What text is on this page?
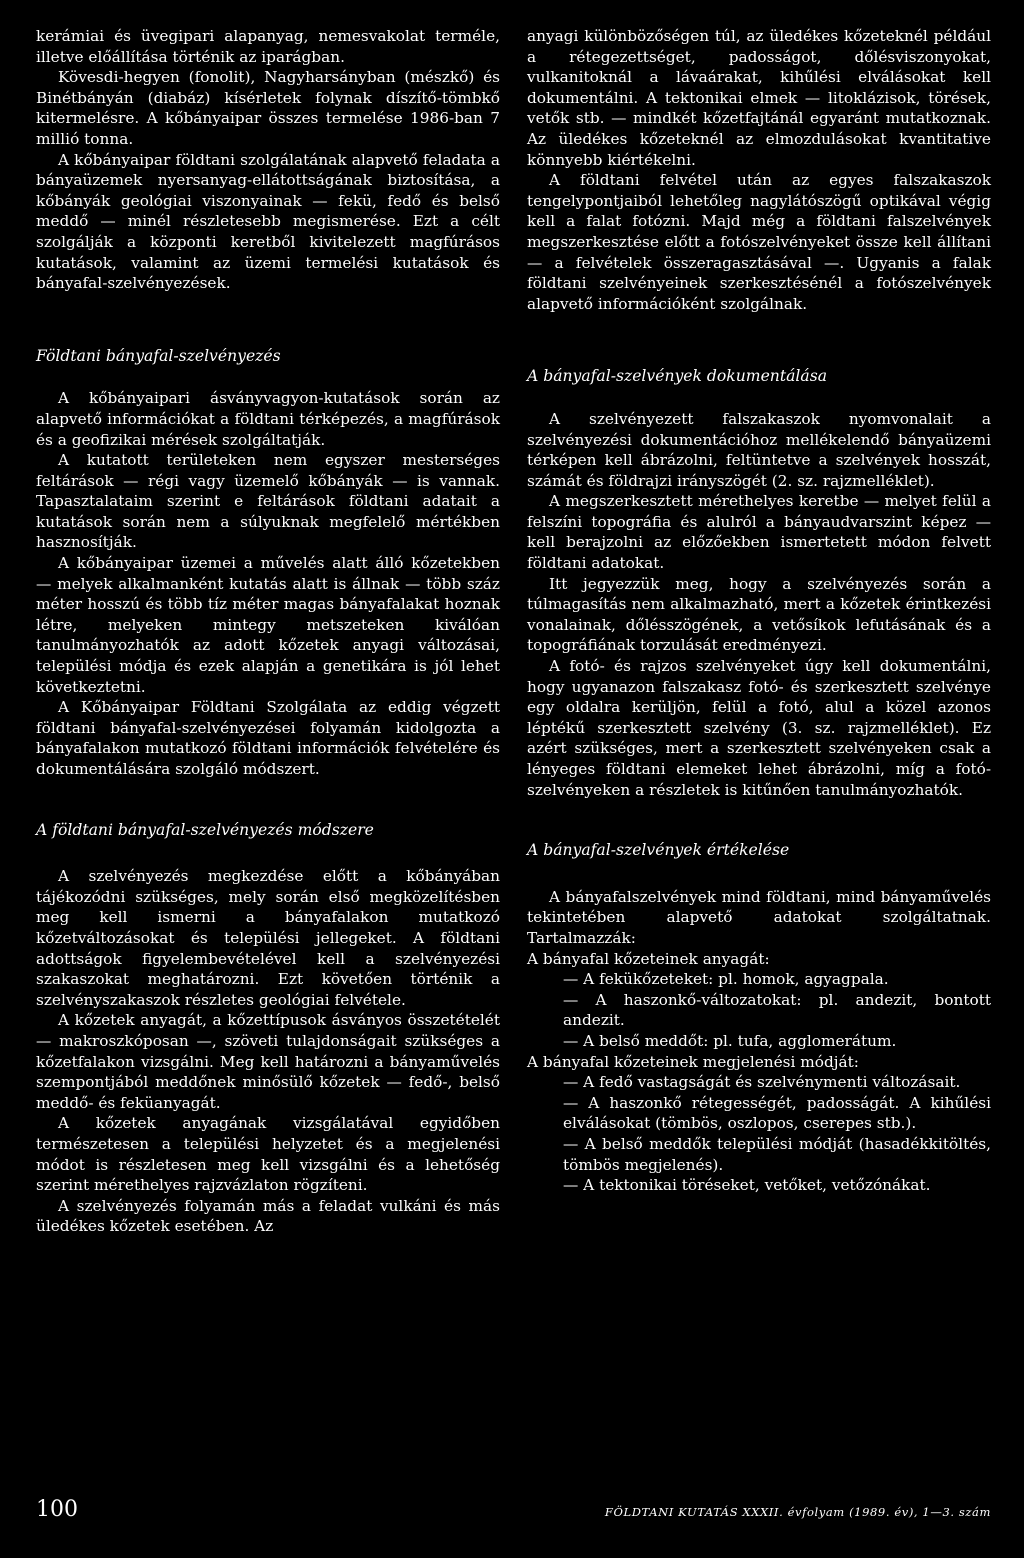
kerámiai és üvegipari alapanyag, nemesvakolat terméle, illetve előállítása történik az iparágban.

Kövesdi-hegyen (fonolit), Nagyharsányban (mészkő) és Binétbányán (diabáz) kísérletek folynak díszítő-tömbkő kitermelésre. A kőbányaipar összes termelése 1986-ban 7 millió tonna.

A kőbányaipar földtani szolgálatának alapvető feladata a bányaüzemek nyersanyag-ellátottságának biztosítása, a kőbányák geológiai viszonyainak — fekü, fedő és belső meddő — minél részletesebb megismerése. Ezt a célt szolgálják a központi keretből kivitelezett magfúrásos kutatások, valamint az üzemi termelési kutatások és bányafal-szelvényezések.

Földtani bányafal-szelvényezés

A kőbányaipari ásványvagyon-kutatások során az alapvető információkat a földtani térképezés, a magfúrások és a geofizikai mérések szolgáltatják.

A kutatott területeken nem egyszer mesterséges feltárások — régi vagy üzemelő kőbányák — is vannak. Tapasztalataim szerint e feltárások földtani adatait a kutatások során nem a súlyuknak megfelelő mértékben hasznosítják.

A kőbányaipar üzemei a művelés alatt álló kőzetekben — melyek alkalmanként kutatás alatt is állnak — több száz méter hosszú és több tíz méter magas bányafalakat hoznak létre, melyeken mintegy metszeteken kiválóan tanulmányozhatók az adott kőzetek anyagi változásai, települési módja és ezek alapján a genetikára is jól lehet következtetni.

A Kőbányaipar Földtani Szolgálata az eddig végzett földtani bányafal-szelvényezései folyamán kidolgozta a bányafalakon mutatkozó földtani információk felvételére és dokumentálására szolgáló módszert.

A földtani bányafal-szelvényezés módszere

A szelvényezés megkezdése előtt a kőbányában tájékozódni szükséges, mely során első megközelítésben meg kell ismerni a bányafalakon mutatkozó kőzetváltozásokat és települési jellegeket. A földtani adottságok figyelembevételével kell a szelvényezési szakaszokat meghatározni. Ezt követően történik a szelvényszakaszok részletes geológiai felvétele.

A kőzetek anyagát, a kőzettípusok ásványos összetételét — makroszkóposan —, szöveti tulajdonságait szükséges a kőzetfalakon vizsgálni. Meg kell határozni a bányaművelés szempontjából meddőnek minősülő kőzetek — fedő-, belső meddő- és feküanyagát.

A kőzetek anyagának vizsgálatával egyidőben természetesen a települési helyzetet és a megjelenési módot is részletesen meg kell vizsgálni és a lehetőség szerint mérethelyes rajzvázlaton rögzíteni.

A szelvényezés folyamán más a feladat vulkáni és más üledékes kőzetek esetében. Az

anyagi különbözőségen túl, az üledékes kőzeteknél például a rétegezettséget, padosságot, dőlésviszonyokat, vulkanitoknál a lávaárakat, kihűlési elválásokat kell dokumentálni. A tektonikai elmek — litoklázisok, törések, vetők stb. — mindkét kőzetfajtánál egyaránt mutatkoznak. Az üledékes kőzeteknél az elmozdulásokat kvantitative könnyebb kiértékelni.

A földtani felvétel után az egyes falszakaszok tengelypontjaiból lehetőleg nagylátószögű optikával végig kell a falat fotózni. Majd még a földtani falszelvények megszerkesztése előtt a fotószelvényeket össze kell állítani — a felvételek összeragasztásával —. Ugyanis a falak földtani szelvényeinek szerkesztésénél a fotószelvények alapvető információként szolgálnak.

A bányafal-szelvények dokumentálása

A szelvényezett falszakaszok nyomvonalait a szelvényezési dokumentációhoz mellékelendő bányaüzemi térképen kell ábrázolni, feltüntetve a szelvények hosszát, számát és földrajzi irányszögét (2. sz. rajzmelléklet).

A megszerkesztett mérethelyes keretbe — melyet felül a felszíni topográfia és alulról a bányaudvarszint képez — kell berajzolni az előzőekben ismertetett módon felvett földtani adatokat.

Itt jegyezzük meg, hogy a szelvényezés során a túlmagasítás nem alkalmazható, mert a kőzetek érintkezési vonalainak, dőlésszögének, a vetősíkok lefutásának és a topográfiának torzulását eredményezi.

A fotó- és rajzos szelvényeket úgy kell dokumentálni, hogy ugyanazon falszakasz fotó- és szerkesztett szelvénye egy oldalra kerüljön, felül a fotó, alul a közel azonos léptékű szerkesztett szelvény (3. sz. rajzmelléklet). Ez azért szükséges, mert a szerkesztett szelvényeken csak a lényeges földtani elemeket lehet ábrázolni, míg a fotó-szelvényeken a részletek is kitűnően tanulmányozhatók.

A bányafal-szelvények értékelése

A bányafalszelvények mind földtani, mind bányaművelés tekintetében alapvető adatokat szolgáltatnak. Tartalmazzák:

A bányafal kőzeteinek anyagát:

— A fekükőzeteket: pl. homok, agyagpala.

— A haszonkő-változatokat: pl. andezit, bontott andezit.

— A belső meddőt: pl. tufa, agglomerátum.

A bányafal kőzeteinek megjelenési módját:

— A fedő vastagságát és szelvénymenti változásait.

— A haszonkő rétegességét, padosságát. A kihűlési elválásokat (tömbös, oszlopos, cserepes stb.).

— A belső meddők települési módját (hasadékkitöltés, tömbös megjelenés).

— A tektonikai töréseket, vetőket, vetőzónákat.

100	FÖLDTANI KUTATÁS XXXII. évfolyam (1989. év), 1—3. szám
